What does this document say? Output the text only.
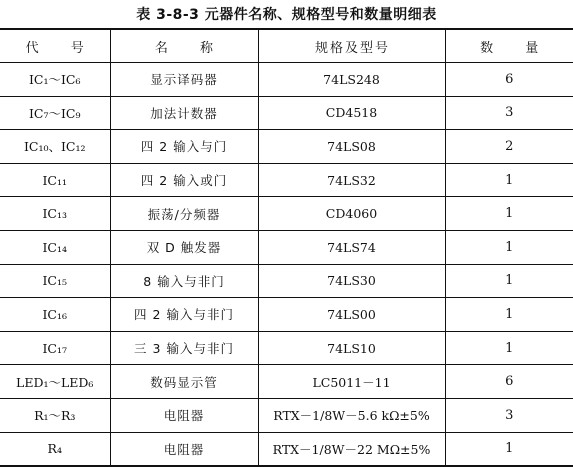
表 3-8-3 元器件名称、规格型号和数量明细表
代 号	名 称	规格及型号	数 量
IC₁～IC₆	显示译码器	74LS248	6
IC₇～IC₉	加法计数器	CD4518	3
IC₁₀、IC₁₂	四 2 输入与门	74LS08	2
IC₁₁	四 2 输入或门	74LS32	1
IC₁₃	振荡/分频器	CD4060	1
IC₁₄	双 D 触发器	74LS74	1
IC₁₅	8 输入与非门	74LS30	1
IC₁₆	四 2 输入与非门	74LS00	1
IC₁₇	三 3 输入与非门	74LS10	1
LED₁～LED₆	数码显示管	LC5011－11	6
R₁～R₃	电阻器	RTX－1/8W－5.6 kΩ±5%	3
R₄	电阻器	RTX－1/8W－22 MΩ±5%	1
